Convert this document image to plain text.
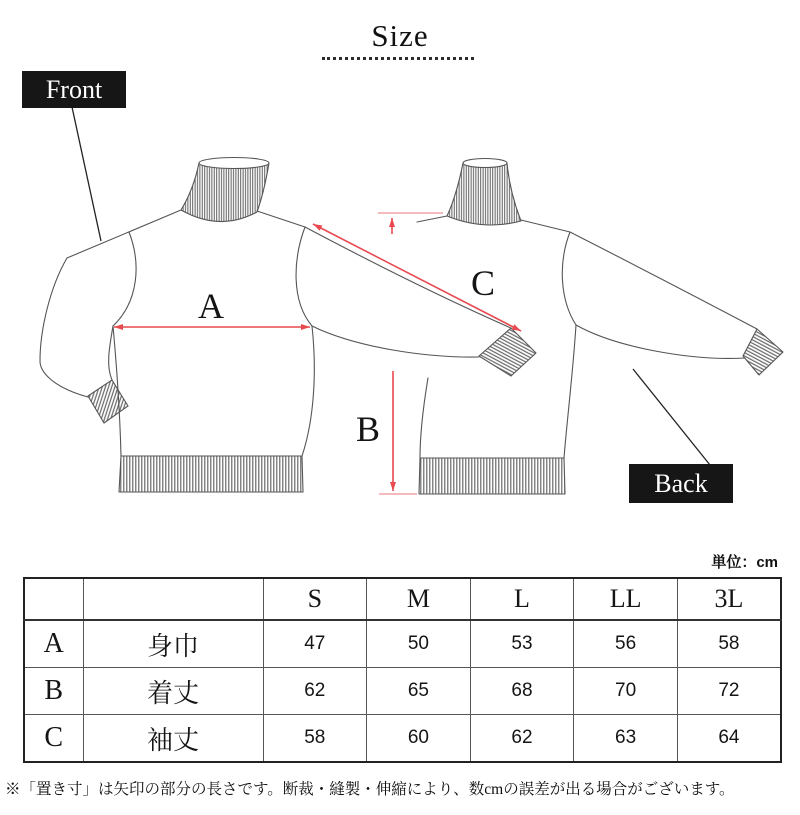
Size
Front
Back
A
B
C
単位：cm
		S	M	L	LL	3L
A	身巾	47	50	53	56	58
B	着丈	62	65	68	70	72
C	袖丈	58	60	62	63	64
※「置き寸」は矢印の部分の長さです。断裁・縫製・伸縮により、数cmの誤差が出る場合がございます。
